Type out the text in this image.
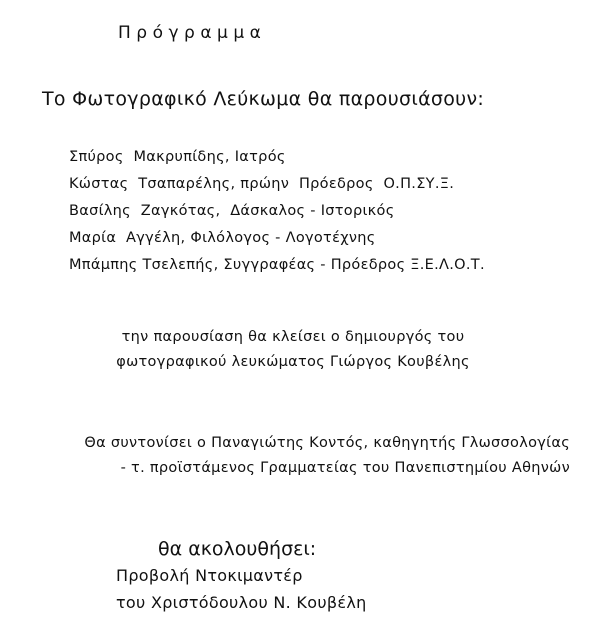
Πρόγραμμα
Το Φωτογραφικό Λεύκωμα θα παρουσιάσουν:
Σπύρος  Μακρυπίδης, Ιατρός
Κώστας  Τσαπαρέλης, πρώην  Πρόεδρος  Ο.Π.ΣΥ.Ξ.
Βασίλης  Ζαγκότας,  Δάσκαλος - Ιστορικός
Μαρία  Αγγέλη, Φιλόλογος - Λογοτέχνης
Μπάμπης Τσελεπής, Συγγραφέας - Πρόεδρος Ξ.Ε.Λ.Ο.Τ.
την παρουσίαση θα κλείσει ο δημιουργός του
φωτογραφικού λευκώματος Γιώργος Κουβέλης
Θα συντονίσει ο Παναγιώτης Κοντός, καθηγητής Γλωσσολογίας
- τ. προϊστάμενος Γραμματείας του Πανεπιστημίου Αθηνών
θα ακολουθήσει:
Προβολή Ντοκιμαντέρ
του Χριστόδουλου Ν. Κουβέλη
